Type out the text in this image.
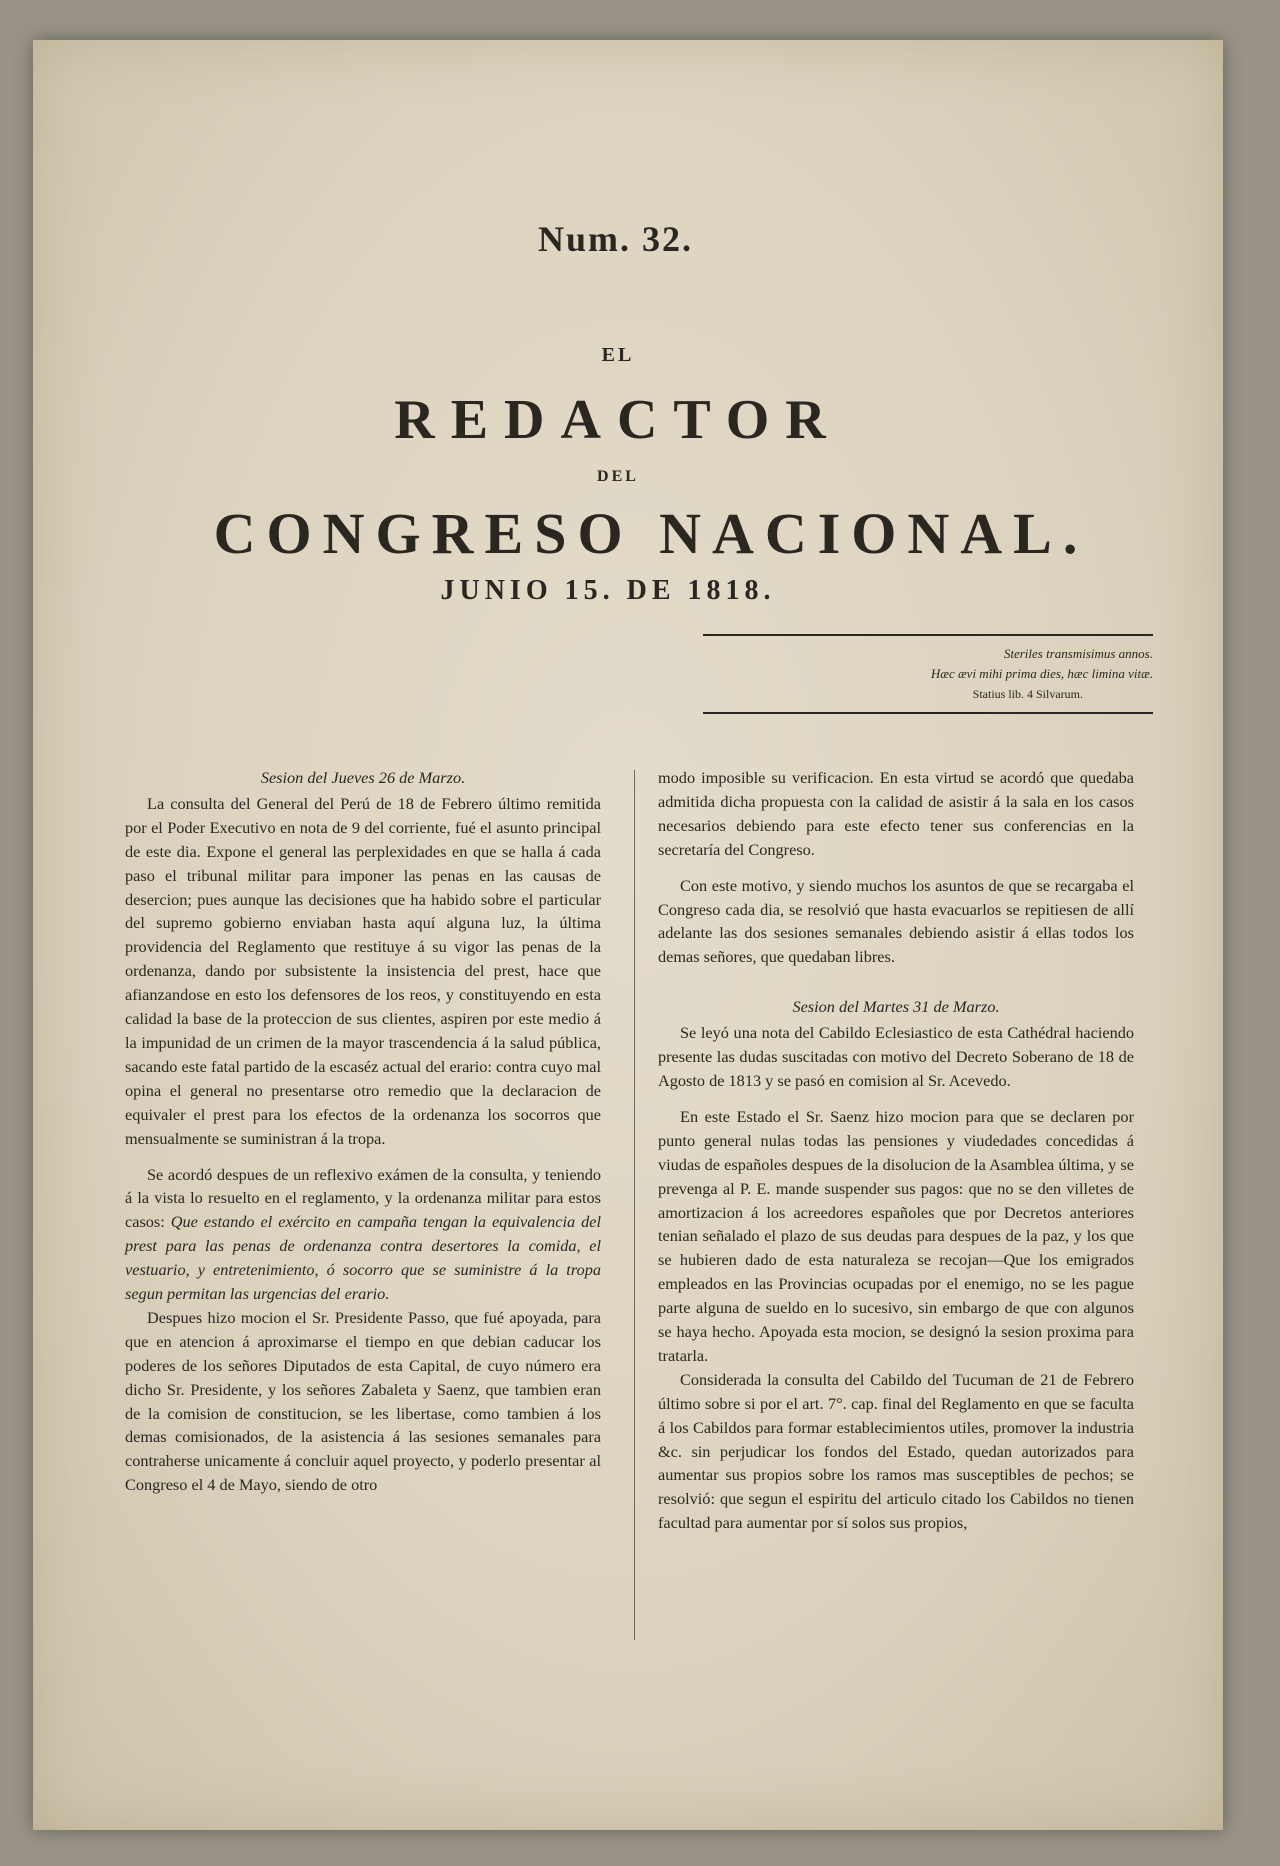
Num. 32.
EL
REDACTOR
DEL
CONGRESO NACIONAL.
JUNIO 15. DE 1818.
Steriles transmisimus annos.
Hæc ævi mihi prima dies, hæc limina vitæ.
Statius lib. 4 Silvarum.

Sesion del Jueves 26 de Marzo.

La consulta del General del Perú de 18 de Febrero último remitida por el Poder Executivo en nota de 9 del corriente, fué el asunto principal de este dia. Expone el general las perplexidades en que se halla á cada paso el tribunal militar para imponer las penas en las causas de desercion; pues aunque las decisiones que ha habido sobre el particular del supremo gobierno enviaban hasta aquí alguna luz, la última providencia del Reglamento que restituye á su vigor las penas de la ordenanza, dando por subsistente la insistencia del prest, hace que afianzandose en esto los defensores de los reos, y constituyendo en esta calidad la base de la proteccion de sus clientes, aspiren por este medio á la impunidad de un crimen de la mayor trascendencia á la salud pública, sacando este fatal partido de la escaséz actual del erario: contra cuyo mal opina el general no presentarse otro remedio que la declaracion de equivaler el prest para los efectos de la ordenanza los socorros que mensualmente se suministran á la tropa.

Se acordó despues de un reflexivo exámen de la consulta, y teniendo á la vista lo resuelto en el reglamento, y la ordenanza militar para estos casos: Que estando el exército en campaña tengan la equivalencia del prest para las penas de ordenanza contra desertores la comida, el vestuario, y entretenimiento, ó socorro que se suministre á la tropa segun permitan las urgencias del erario.

Despues hizo mocion el Sr. Presidente Passo, que fué apoyada, para que en atencion á aproximarse el tiempo en que debian caducar los poderes de los señores Diputados de esta Capital, de cuyo número era dicho Sr. Presidente, y los señores Zabaleta y Saenz, que tambien eran de la comision de constitucion, se les libertase, como tambien á los demas comisionados, de la asistencia á las sesiones semanales para contraherse unicamente á concluir aquel proyecto, y poderlo presentar al Congreso el 4 de Mayo, siendo de otro

modo imposible su verificacion. En esta virtud se acordó que quedaba admitida dicha propuesta con la calidad de asistir á la sala en los casos necesarios debiendo para este efecto tener sus conferencias en la secretaría del Congreso.

Con este motivo, y siendo muchos los asuntos de que se recargaba el Congreso cada dia, se resolvió que hasta evacuarlos se repitiesen de allí adelante las dos sesiones semanales debiendo asistir á ellas todos los demas señores, que quedaban libres.

Sesion del Martes 31 de Marzo.

Se leyó una nota del Cabildo Eclesiastico de esta Cathédral haciendo presente las dudas suscitadas con motivo del Decreto Soberano de 18 de Agosto de 1813 y se pasó en comision al Sr. Acevedo.

En este Estado el Sr. Saenz hizo mocion para que se declaren por punto general nulas todas las pensiones y viudedades concedidas á viudas de españoles despues de la disolucion de la Asamblea última, y se prevenga al P. E. mande suspender sus pagos: que no se den villetes de amortizacion á los acreedores españoles que por Decretos anteriores tenian señalado el plazo de sus deudas para despues de la paz, y los que se hubieren dado de esta naturaleza se recojan—Que los emigrados empleados en las Provincias ocupadas por el enemigo, no se les pague parte alguna de sueldo en lo sucesivo, sin embargo de que con algunos se haya hecho. Apoyada esta mocion, se designó la sesion proxima para tratarla.

Considerada la consulta del Cabildo del Tucuman de 21 de Febrero último sobre si por el art. 7°. cap. final del Reglamento en que se faculta á los Cabildos para formar establecimientos utiles, promover la industria &c. sin perjudicar los fondos del Estado, quedan autorizados para aumentar sus propios sobre los ramos mas susceptibles de pechos; se resolvió: que segun el espiritu del articulo citado los Cabildos no tienen facultad para aumentar por sí solos sus propios,
